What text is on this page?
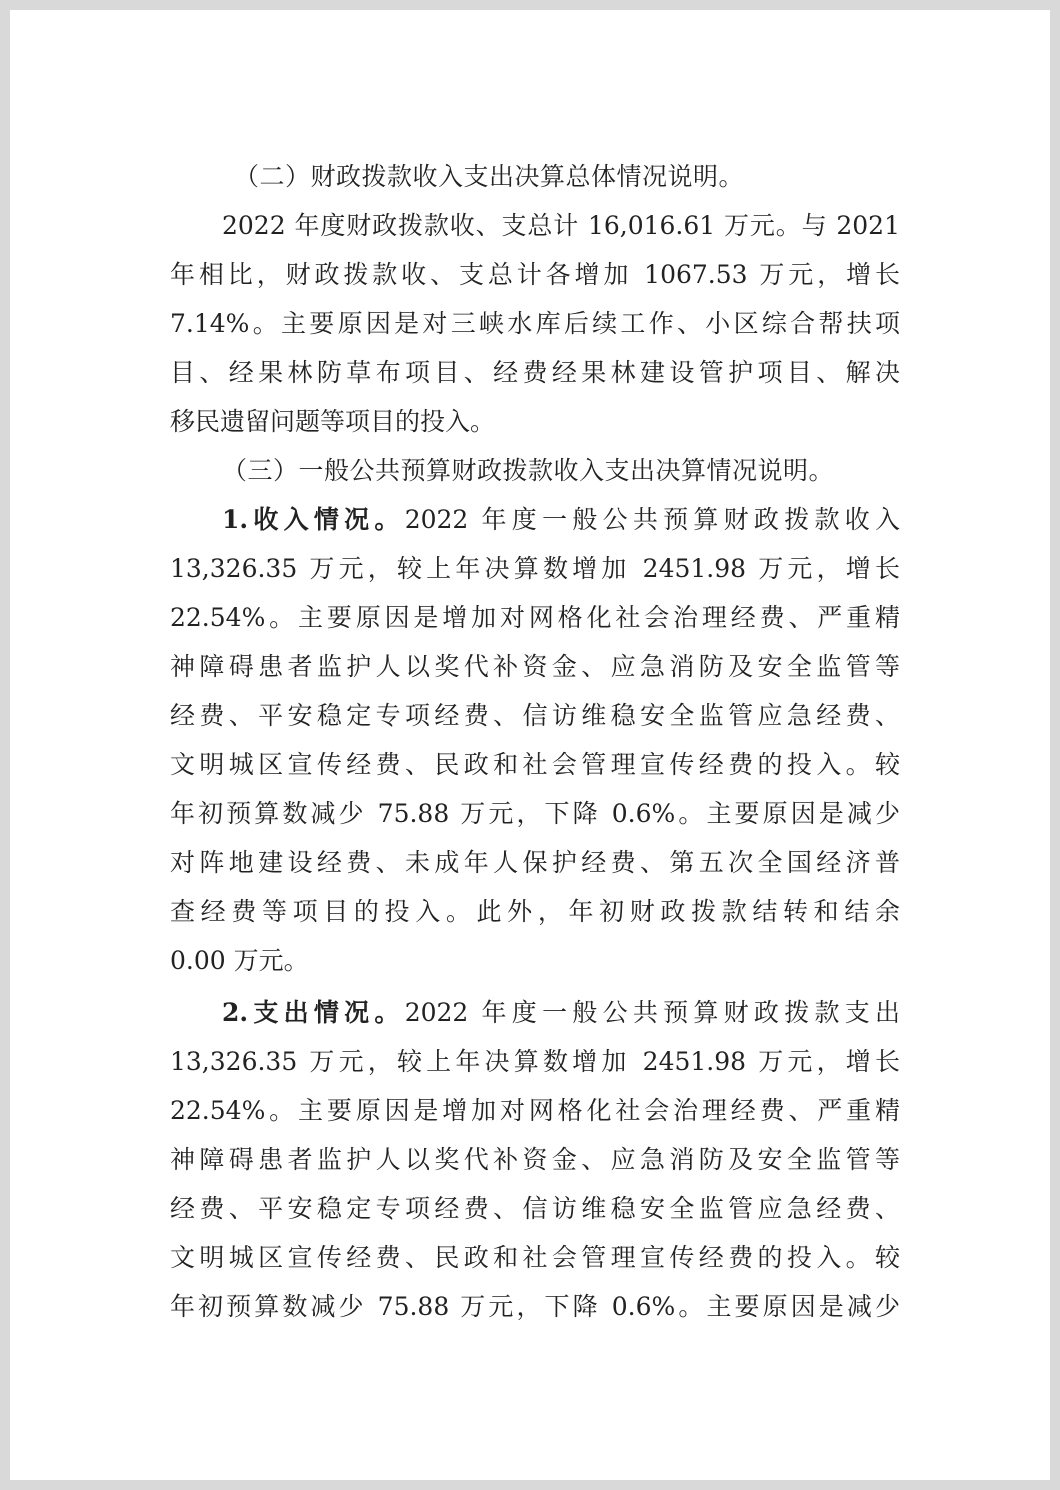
（二）财政拨款收入支出决算总体情况说明。
2022 年度财政拨款收、支总计 16,016.61 万元。与 2021
年相比，财政拨款收、支总计各增加 1067.53 万元，增长
7.14%。主要原因是对三峡水库后续工作、小区综合帮扶项
目、经果林防草布项目、经费经果林建设管护项目、解决
移民遗留问题等项目的投入。
（三）一般公共预算财政拨款收入支出决算情况说明。
1.收入情况。2022 年度一般公共预算财政拨款收入
13,326.35 万元，较上年决算数增加 2451.98 万元，增长
22.54%。主要原因是增加对网格化社会治理经费、严重精
神障碍患者监护人以奖代补资金、应急消防及安全监管等
经费、平安稳定专项经费、信访维稳安全监管应急经费、
文明城区宣传经费、民政和社会管理宣传经费的投入。较
年初预算数减少 75.88 万元，下降 0.6%。主要原因是减少
对阵地建设经费、未成年人保护经费、第五次全国经济普
查经费等项目的投入。此外，年初财政拨款结转和结余
0.00 万元。
2.支出情况。2022 年度一般公共预算财政拨款支出
13,326.35 万元，较上年决算数增加 2451.98 万元，增长
22.54%。主要原因是增加对网格化社会治理经费、严重精
神障碍患者监护人以奖代补资金、应急消防及安全监管等
经费、平安稳定专项经费、信访维稳安全监管应急经费、
文明城区宣传经费、民政和社会管理宣传经费的投入。较
年初预算数减少 75.88 万元，下降 0.6%。主要原因是减少
